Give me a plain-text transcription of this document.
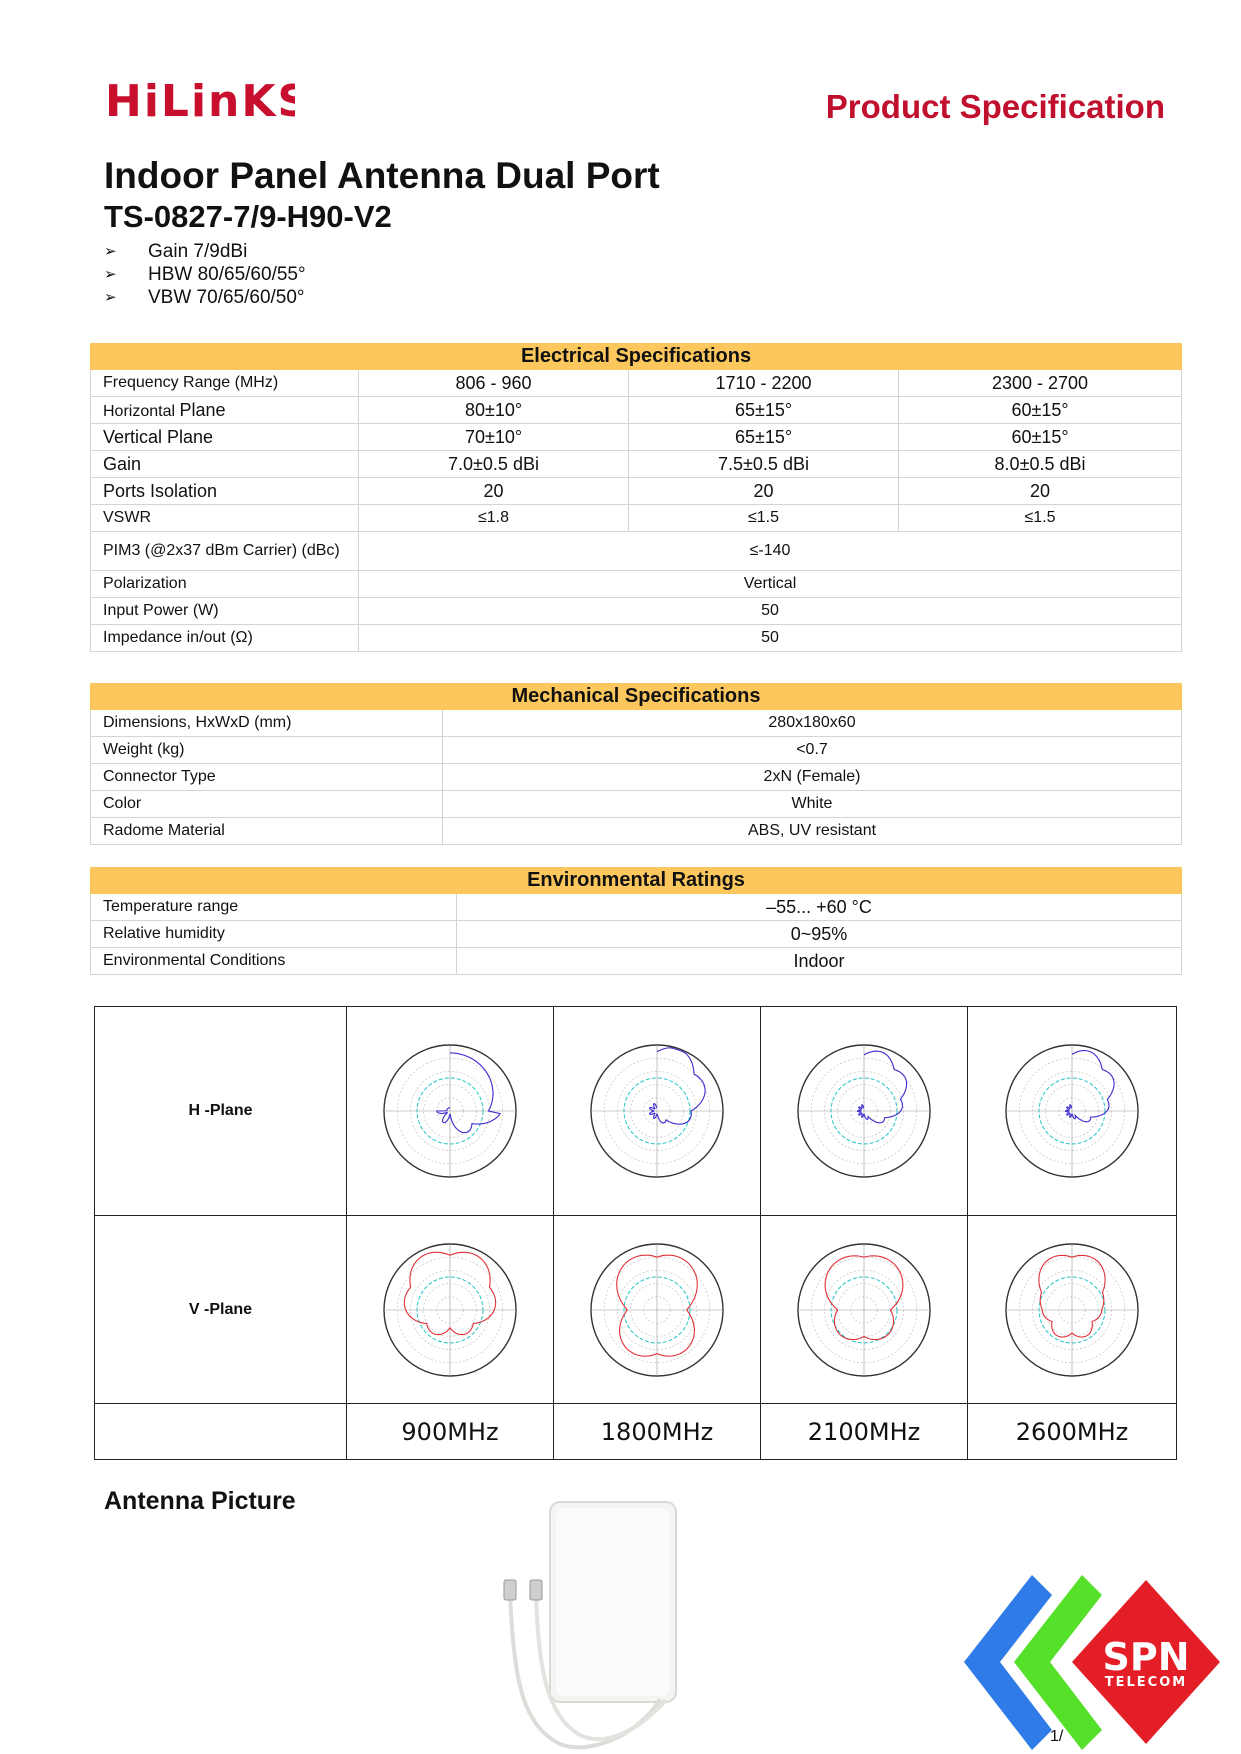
HiLinKS	Product Specification
Indoor Panel Antenna Dual Port
TS-0827-7/9-H90-V2
➢	Gain 7/9dBi
➢	HBW 80/65/60/55°
➢	VBW 70/65/60/50°
Electrical Specifications			
Frequency Range (MHz)	806 - 960	1710 - 2200	2300 - 2700
Horizontal Plane	80±10°	65±15°	60±15°
Vertical Plane	70±10°	65±15°	60±15°
Gain	7.0±0.5 dBi	7.5±0.5 dBi	8.0±0.5 dBi
Ports Isolation	20	20	20
VSWR	≤1.8	≤1.5	≤1.5
PIM3 (@2x37 dBm Carrier) (dBc)	≤-140		
Polarization	Vertical		
Input Power (W)	50		
Impedance in/out (Ω)	50		
Mechanical Specifications	
Dimensions, HxWxD (mm)	280x180x60
Weight (kg)	<0.7
Connector Type	2xN (Female)
Color	White
Radome Material	ABS, UV resistant
Environmental Ratings	
Temperature range	–55... +60 °C
Relative humidity	0~95%
Environmental Conditions	Indoor
H -Plane	

V -Plane	

	900MHz	1800MHz	2100MHz	2600MHz
Antenna Picture
SPN
TELECOM
1/
